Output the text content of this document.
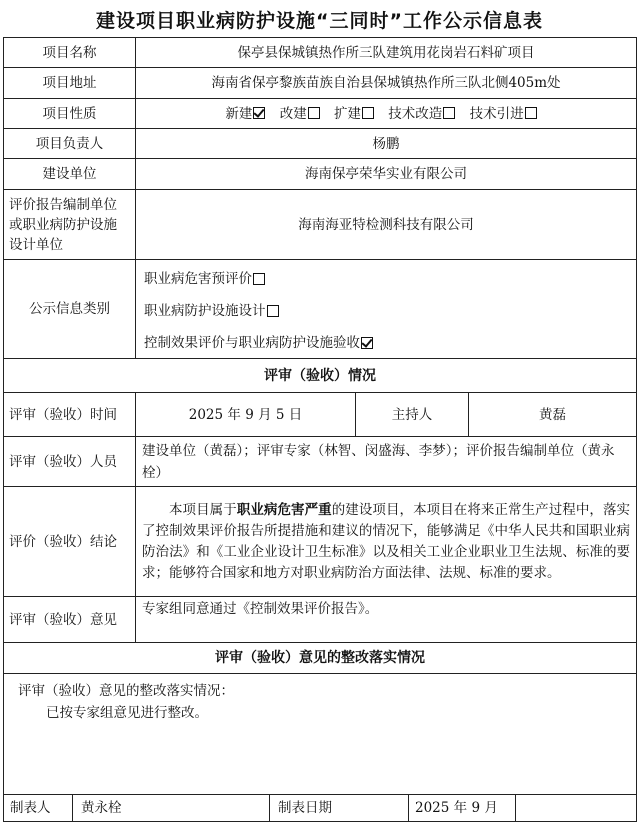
建设项目职业病防护设施“三同时”工作公示信息表
项目名称	保亭县保城镇热作所三队建筑用花岗岩石料矿项目		
项目地址	海南省保亭黎族苗族自治县保城镇热作所三队北侧405m处		
项目性质	新建 改建 扩建 技术改造 技术引进		
项目负责人	杨鹏		
建设单位	海南保亭荣华实业有限公司		
评价报告编制单位或职业病防护设施设计单位	海南海亚特检测科技有限公司		
公示信息类别	职业病危害预评价
职业病防护设施设计
控制效果评价与职业病防护设施验收		

评审（验收）情况			
评审（验收）时间	2025 年 9 月 5 日	主持人	黄磊
评审（验收）人员	建设单位（黄磊）；评审专家（林智、闵盛海、李梦）；评价报告编制单位（黄永栓）		
评价（验收）结论	本项目属于职业病危害严重的建设项目，本项目在将来正常生产过程中，落实了控制效果评价报告所提措施和建议的情况下，能够满足《中华人民共和国职业病防治法》和《工业企业设计卫生标准》以及相关工业企业职业卫生法规、标准的要求；能够符合国家和地方对职业病防治方面法律、法规、标准的要求。		

评审（验收）意见	专家组同意通过《控制效果评价报告》。		
评审（验收）意见的整改落实情况			

评审（验收）意见的整改落实情况：
已按专家组意见进行整改。			

制表人 黄永栓 制表日期 2025 年 9 月			
